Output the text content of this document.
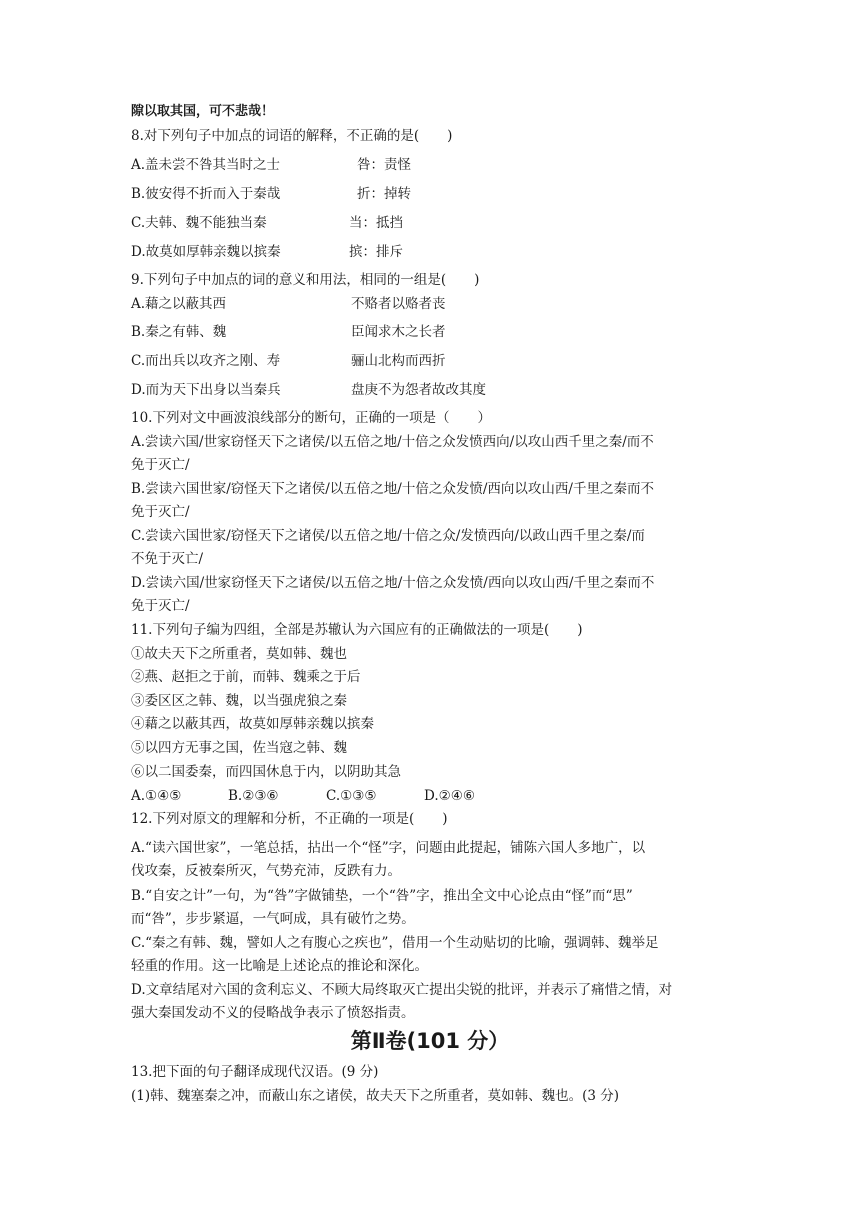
隙以取其国，可不悲哉！
8.对下列句子中加点的词语的解释，不正确的是( )
A.盖未尝不咎其当时之士	咎：责怪
B.彼安得不折而入于秦哉	折：掉转
C.夫韩、魏不能独当秦	当：抵挡
D.故莫如厚韩亲魏以摈秦	摈：排斥
9.下列句子中加点的词的意义和用法，相同的一组是( )
A.藉之以蔽其西	不赂者以赂者丧
B.秦之有韩、魏	臣闻求木之长者
C.而出兵以攻齐之刚、寿	骊山北构而西折
D.而为天下出身以当秦兵	盘庚不为怨者故改其度
10.下列对文中画波浪线部分的断句，正确的一项是（ ）
A.尝读六国/世家窃怪天下之诸侯/以五倍之地/十倍之众发愤西向/以攻山西千里之秦/而不
免于灭亡/
B.尝读六国世家/窃怪天下之诸侯/以五倍之地/十倍之众发愤/西向以攻山西/千里之秦而不
免于灭亡/
C.尝读六国世家/窃怪天下之诸侯/以五倍之地/十倍之众/发愤西向/以政山西千里之秦/而
不免于灭亡/
D.尝读六国/世家窃怪天下之诸侯/以五倍之地/十倍之众发愤/西向以攻山西/千里之秦而不
免于灭亡/
11.下列句子编为四组，全部是苏辙认为六国应有的正确做法的一项是( )
①故夫天下之所重者，莫如韩、魏也
②燕、赵拒之于前，而韩、魏乘之于后
③委区区之韩、魏，以当强虎狼之秦
④藉之以蔽其西，故莫如厚韩亲魏以摈秦
⑤以四方无事之国，佐当寇之韩、魏
⑥以二国委秦，而四国休息于内，以阴助其急
A.①④⑤	B.②③⑥	C.①③⑤	D.②④⑥
12.下列对原文的理解和分析，不正确的一项是( )
A.“读六国世家”，一笔总括，拈出一个“怪”字，问题由此提起，铺陈六国人多地广，以
伐攻秦，反被秦所灭，气势充沛，反跌有力。
B.“自安之计”一句，为“咎”字做铺垫，一个“咎”字，推出全文中心论点由“怪”而“思”
而“咎”，步步紧逼，一气呵成，具有破竹之势。
C.“秦之有韩、魏，譬如人之有腹心之疾也”，借用一个生动贴切的比喻，强调韩、魏举足
轻重的作用。这一比喻是上述论点的推论和深化。
D.文章结尾对六国的贪利忘义、不顾大局终取灭亡提出尖锐的批评，并表示了痛惜之情，对
强大秦国发动不义的侵略战争表示了愤怒指责。
第Ⅱ卷(101 分）
13.把下面的句子翻译成现代汉语。(9 分)
(1)韩、魏塞秦之冲，而蔽山东之诸侯，故夫天下之所重者，莫如韩、魏也。(3 分)
